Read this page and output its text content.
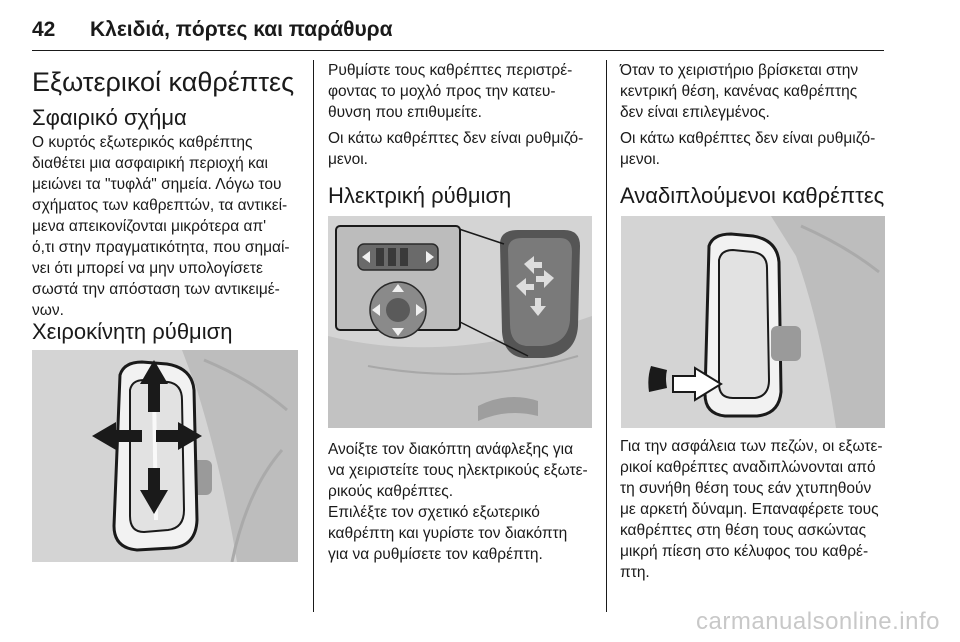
42 Κλειδιά, πόρτες και παράθυρα
Εξωτερικοί καθρέπτες
Σφαιρικό σχήμα

Ο κυρτός εξωτερικός καθρέπτης

διαθέτει μια ασφαιρική περιοχή και

μειώνει τα "τυφλά" σημεία. Λόγω του

σχήματος των καθρεπτών, τα αντικεί-

μενα απεικονίζονται μικρότερα απ'

ό,τι στην πραγματικότητα, που σημαί-

νει ότι μπορεί να μην υπολογίσετε

σωστά την απόσταση των αντικειμέ-

νων.

Χειροκίνητη ρύθμιση

Ρυθμίστε τους καθρέπτες περιστρέ-

φοντας το μοχλό προς την κατευ-

θυνση που επιθυμείτε.

Οι κάτω καθρέπτες δεν είναι ρυθμιζό-

μενοι.

Ηλεκτρική ρύθμιση

Ανοίξτε τον διακόπτη ανάφλεξης για

να χειριστείτε τους ηλεκτρικούς εξωτε-

ρικούς καθρέπτες.

Επιλέξτε τον σχετικό εξωτερικό

καθρέπτη και γυρίστε τον διακόπτη

για να ρυθμίσετε τον καθρέπτη.

Όταν το χειριστήριο βρίσκεται στην

κεντρική θέση, κανένας καθρέπτης

δεν είναι επιλεγμένος.

Οι κάτω καθρέπτες δεν είναι ρυθμιζό-

μενοι.

Αναδιπλούμενοι καθρέπτες

Για την ασφάλεια των πεζών, οι εξωτε-

ρικοί καθρέπτες αναδιπλώνονται από

τη συνήθη θέση τους εάν χτυπηθούν

με αρκετή δύναμη. Επαναφέρετε τους

καθρέπτες στη θέση τους ασκώντας

μικρή πίεση στο κέλυφος του καθρέ-

πτη.

carmanualsonline.info
